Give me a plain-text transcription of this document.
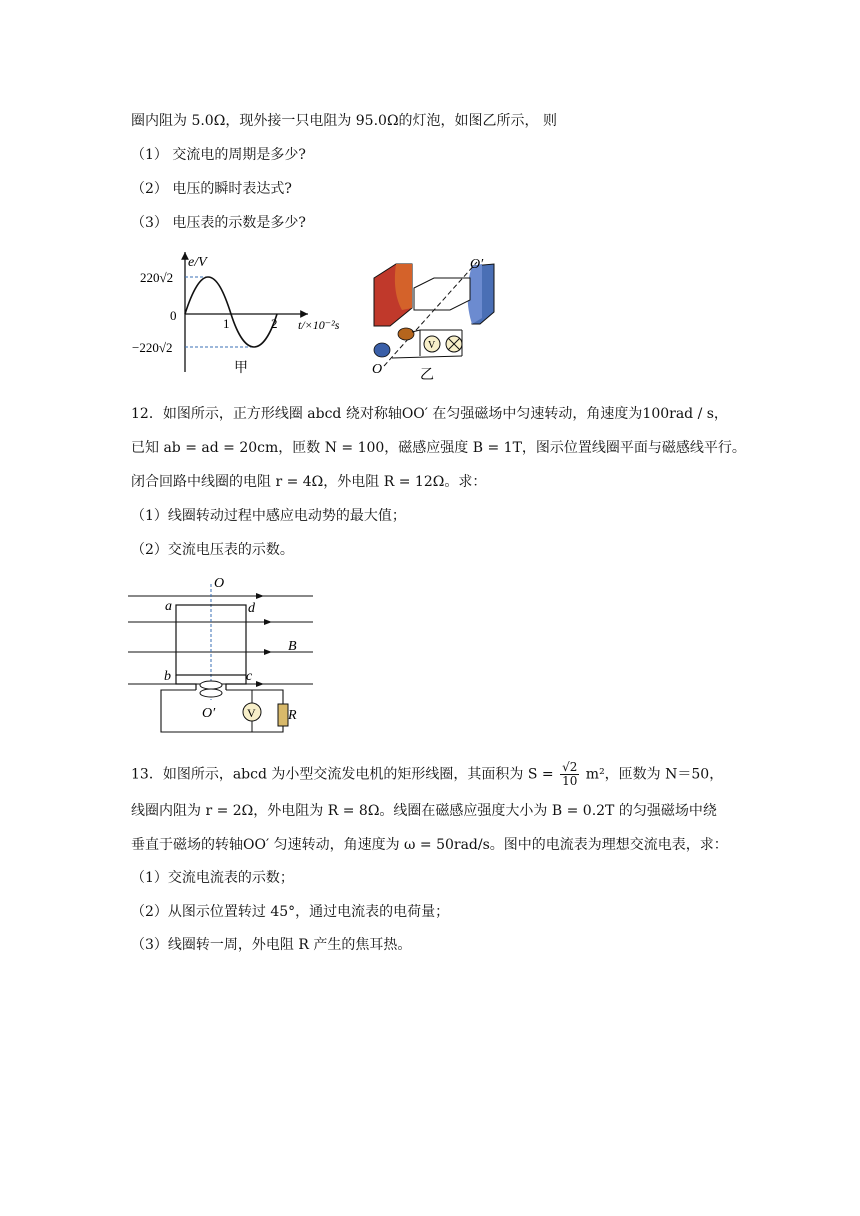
圈内阻为 5.0Ω，现外接一只电阻为 95.0Ω的灯泡，如图乙所示， 则
（1） 交流电的周期是多少?
（2） 电压的瞬时表达式?
（3） 电压表的示数是多少?
e/V
220√2
0
−220√2
1	2 t/×10⁻²s
甲
O′
V
O	乙
12．如图所示，正方形线圈 abcd 绕对称轴OO′ 在匀强磁场中匀速转动，角速度为100rad / s，
已知 ab = ad = 20cm，匝数 N = 100，磁感应强度 B = 1T，图示位置线圈平面与磁感线平行。
闭合回路中线圈的电阻 r = 4Ω，外电阻 R = 12Ω。求：
（1）线圈转动过程中感应电动势的最大值；
（2）交流电压表的示数。
V R
O
a	d
b	c
B
O′
13．如图所示，abcd 为小型交流发电机的矩形线圈，其面积为 $S = \frac{√2}{10} m^2$，匝数为 N＝50，
线圈内阻为 r = 2Ω，外电阻为 R = 8Ω。线圈在磁感应强度大小为 B = 0.2T 的匀强磁场中绕
垂直于磁场的转轴OO′ 匀速转动，角速度为 ω = 50rad/s。图中的电流表为理想交流电表，求：
（1）交流电流表的示数；
（2）从图示位置转过 45°，通过电流表的电荷量；
（3）线圈转一周，外电阻 R 产生的焦耳热。
